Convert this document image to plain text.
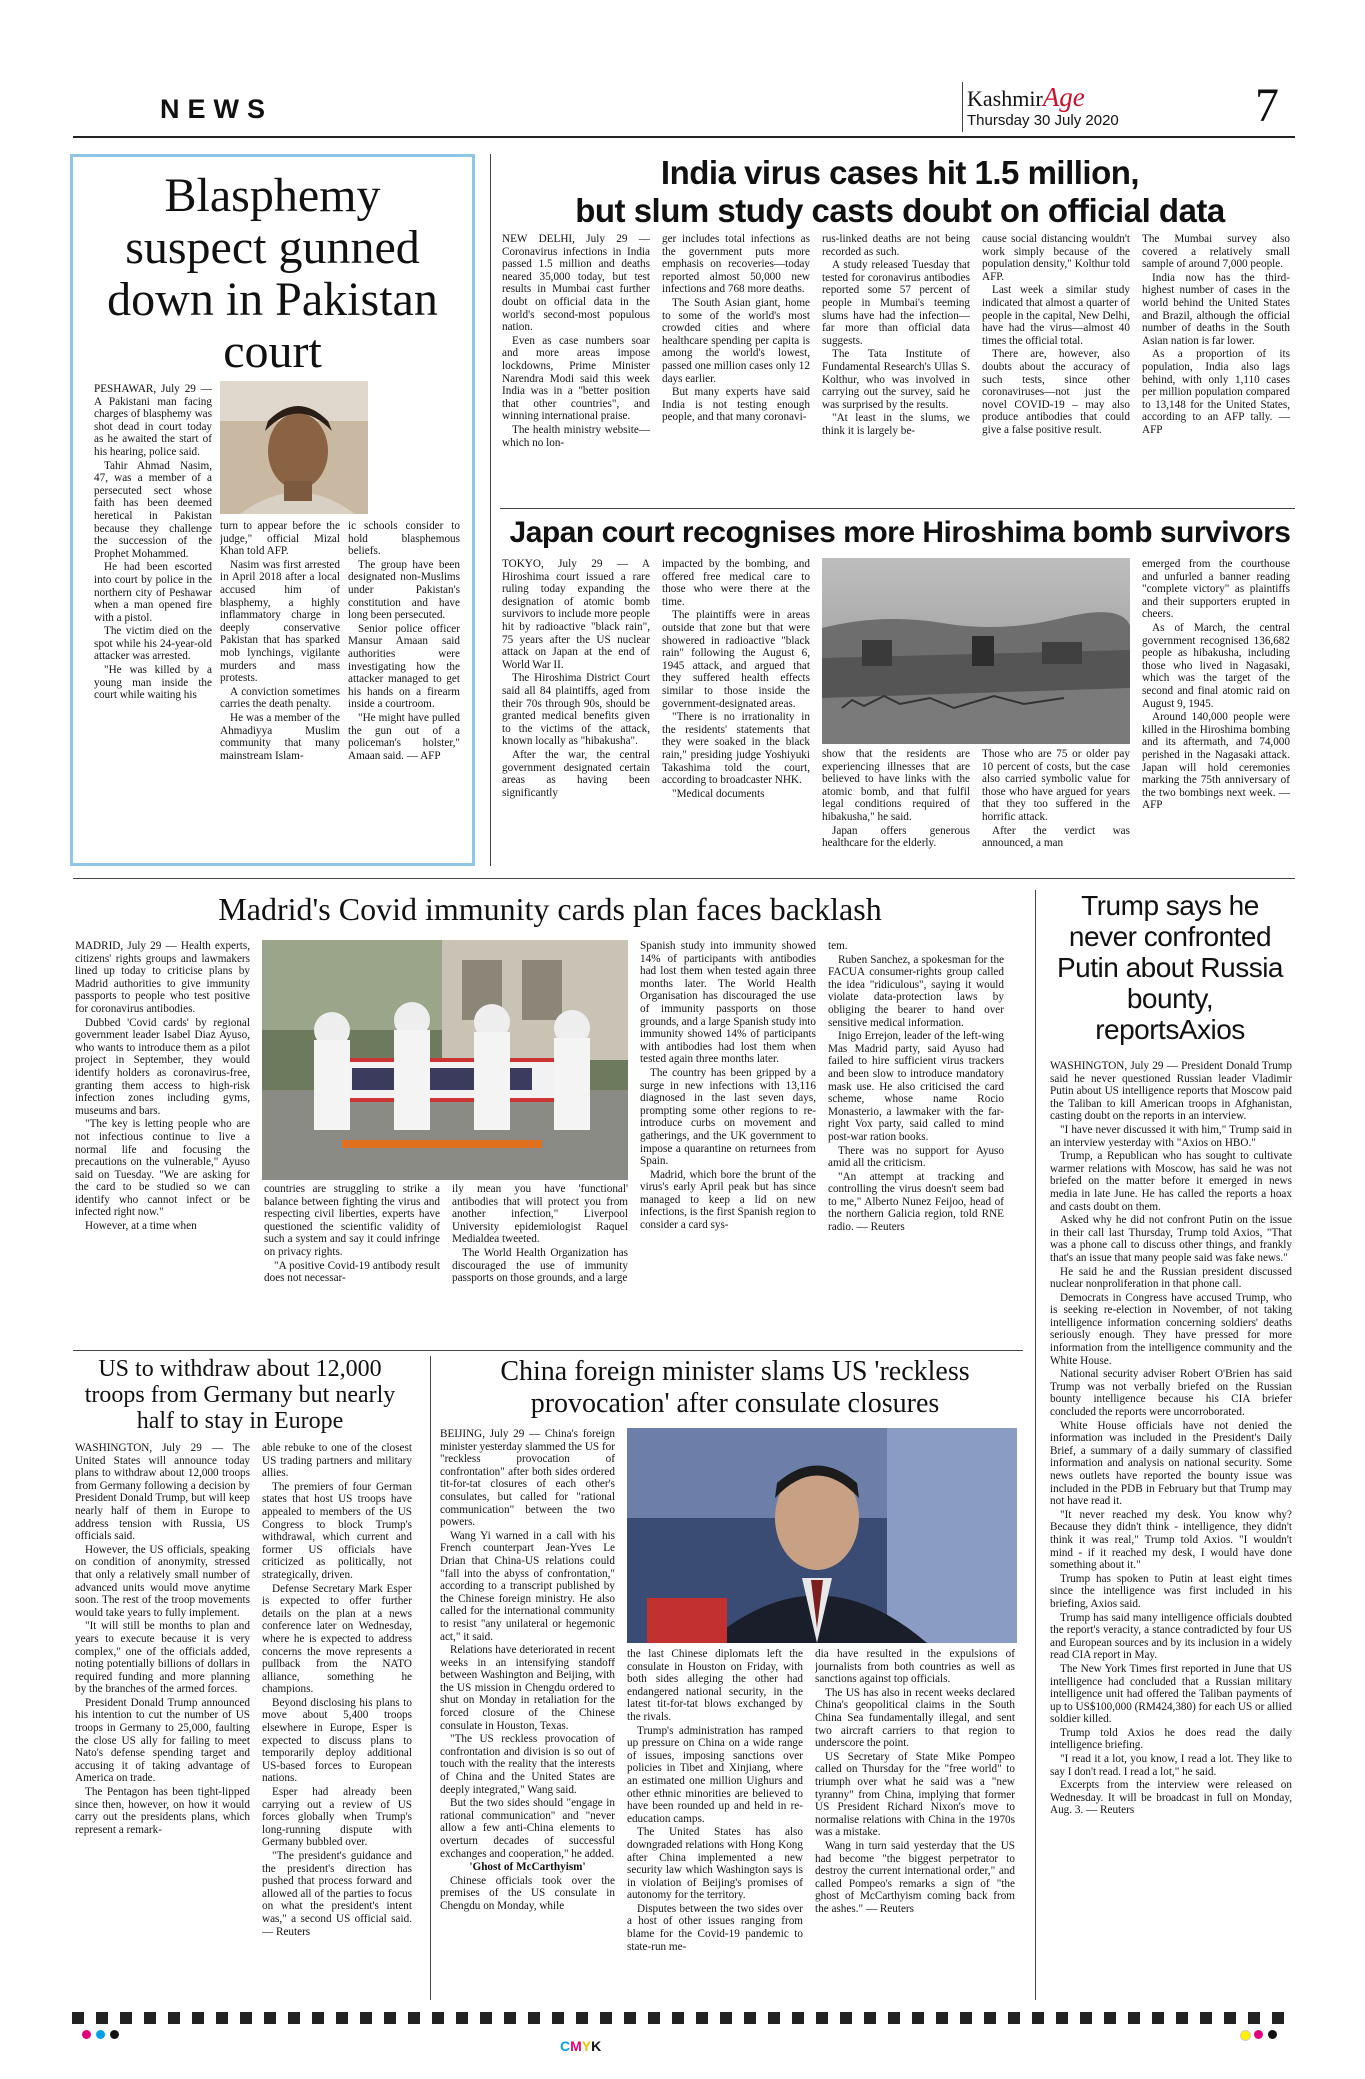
NEWS	KashmirAge
Thursday 30 July 2020	7
Blasphemy suspect gunned down in Pakistan court

PESHAWAR, July 29 — A Pakistani man facing charges of blasphemy was shot dead in court today as he awaited the start of his hearing, police said.

Tahir Ahmad Nasim, 47, was a member of a persecuted sect whose faith has been deemed heretical in Pakistan because they challenge the succession of the Prophet Mohammed.

He had been escorted into court by police in the northern city of Peshawar when a man opened fire with a pistol.

The victim died on the spot while his 24-year-old attacker was arrested.

"He was killed by a young man inside the court while waiting his

turn to appear before the judge," official Mizal Khan told AFP.

Nasim was first arrested in April 2018 after a local accused him of blasphemy, a highly inflammatory charge in deeply conservative Pakistan that has sparked mob lynchings, vigilante murders and mass protests.

A conviction sometimes carries the death penalty.

He was a member of the Ahmadiyya Muslim community that many mainstream Islam-

ic schools consider to hold blasphemous beliefs.

The group have been designated non-Muslims under Pakistan's constitution and have long been persecuted.

Senior police officer Mansur Amaan said authorities were investigating how the attacker managed to get his hands on a firearm inside a courtroom.

"He might have pulled the gun out of a policeman's holster," Amaan said. — AFP

India virus cases hit 1.5 million,
but slum study casts doubt on official data

NEW DELHI, July 29 — Coronavirus infections in India passed 1.5 million and deaths neared 35,000 today, but test results in Mumbai cast further doubt on official data in the world's second-most populous nation.

Even as case numbers soar and more areas impose lockdowns, Prime Minister Narendra Modi said this week India was in a "better position that other countries", and winning international praise.

The health ministry website—which no lon-

ger includes total infections as the government puts more emphasis on recoveries—today reported almost 50,000 new infections and 768 more deaths.

The South Asian giant, home to some of the world's most crowded cities and where healthcare spending per capita is among the world's lowest, passed one million cases only 12 days earlier.

But many experts have said India is not testing enough people, and that many coronavi-

rus-linked deaths are not being recorded as such.

A study released Tuesday that tested for coronavirus antibodies reported some 57 percent of people in Mumbai's teeming slums have had the infection—far more than official data suggests.

The Tata Institute of Fundamental Research's Ullas S. Kolthur, who was involved in carrying out the survey, said he was surprised by the results.

"At least in the slums, we think it is largely be-

cause social distancing wouldn't work simply because of the population density," Kolthur told AFP.

Last week a similar study indicated that almost a quarter of people in the capital, New Delhi, have had the virus—almost 40 times the official total.

There are, however, also doubts about the accuracy of such tests, since other coronaviruses—not just the novel COVID-19 – may also produce antibodies that could give a false positive result.

The Mumbai survey also covered a relatively small sample of around 7,000 people.

India now has the third-highest number of cases in the world behind the United States and Brazil, although the official number of deaths in the South Asian nation is far lower.

As a proportion of its population, India also lags behind, with only 1,110 cases per million population compared to 13,148 for the United States, according to an AFP tally. — AFP

Japan court recognises more Hiroshima bomb survivors

TOKYO, July 29 — A Hiroshima court issued a rare ruling today expanding the designation of atomic bomb survivors to include more people hit by radioactive "black rain", 75 years after the US nuclear attack on Japan at the end of World War II.

The Hiroshima District Court said all 84 plaintiffs, aged from their 70s through 90s, should be granted medical benefits given to the victims of the attack, known locally as "hibakusha".

After the war, the central government designated certain areas as having been significantly

impacted by the bombing, and offered free medical care to those who were there at the time.

The plaintiffs were in areas outside that zone but that were showered in radioactive "black rain" following the August 6, 1945 attack, and argued that they suffered health effects similar to those inside the government-designated areas.

"There is no irrationality in the residents' statements that they were soaked in the black rain," presiding judge Yoshiyuki Takashima told the court, according to broadcaster NHK.

"Medical documents

show that the residents are experiencing illnesses that are believed to have links with the atomic bomb, and that fulfil legal conditions required of hibakusha," he said.

Japan offers generous healthcare for the elderly.

Those who are 75 or older pay 10 percent of costs, but the case also carried symbolic value for those who have argued for years that they too suffered in the horrific attack.

After the verdict was announced, a man

emerged from the courthouse and unfurled a banner reading "complete victory" as plaintiffs and their supporters erupted in cheers.

As of March, the central government recognised 136,682 people as hibakusha, including those who lived in Nagasaki, which was the target of the second and final atomic raid on August 9, 1945.

Around 140,000 people were killed in the Hiroshima bombing and its aftermath, and 74,000 perished in the Nagasaki attack. Japan will hold ceremonies marking the 75th anniversary of the two bombings next week. — AFP

Madrid's Covid immunity cards plan faces backlash

MADRID, July 29 — Health experts, citizens' rights groups and lawmakers lined up today to criticise plans by Madrid authorities to give immunity passports to people who test positive for coronavirus antibodies.

Dubbed 'Covid cards' by regional government leader Isabel Diaz Ayuso, who wants to introduce them as a pilot project in September, they would identify holders as coronavirus-free, granting them access to high-risk infection zones including gyms, museums and bars.

"The key is letting people who are not infectious continue to live a normal life and focusing the precautions on the vulnerable," Ayuso said on Tuesday. "We are asking for the card to be studied so we can identify who cannot infect or be infected right now."

However, at a time when

countries are struggling to strike a balance between fighting the virus and respecting civil liberties, experts have questioned the scientific validity of such a system and say it could infringe on privacy rights.

"A positive Covid-19 antibody result does not necessar-

ily mean you have 'functional' antibodies that will protect you from another infection," Liverpool University epidemiologist Raquel Medialdea tweeted.

The World Health Organization has discouraged the use of immunity passports on those grounds, and a large

Spanish study into immunity showed 14% of participants with antibodies had lost them when tested again three months later. The World Health Organisation has discouraged the use of immunity passports on those grounds, and a large Spanish study into immunity showed 14% of participants with antibodies had lost them when tested again three months later.

The country has been gripped by a surge in new infections with 13,116 diagnosed in the last seven days, prompting some other regions to re-introduce curbs on movement and gatherings, and the UK government to impose a quarantine on returnees from Spain.

Madrid, which bore the brunt of the virus's early April peak but has since managed to keep a lid on new infections, is the first Spanish region to consider a card sys-

tem.

Ruben Sanchez, a spokesman for the FACUA consumer-rights group called the idea "ridiculous", saying it would violate data-protection laws by obliging the bearer to hand over sensitive medical information.

Inigo Errejon, leader of the left-wing Mas Madrid party, said Ayuso had failed to hire sufficient virus trackers and been slow to introduce mandatory mask use. He also criticised the card scheme, whose name Rocio Monasterio, a lawmaker with the far-right Vox party, said called to mind post-war ration books.

There was no support for Ayuso amid all the criticism.

"An attempt at tracking and controlling the virus doesn't seem bad to me," Alberto Nunez Feijoo, head of the northern Galicia region, told RNE radio. — Reuters

Trump says he never confronted Putin about Russia bounty, reportsAxios

WASHINGTON, July 29 — President Donald Trump said he never questioned Russian leader Vladimir Putin about US intelligence reports that Moscow paid the Taliban to kill American troops in Afghanistan, casting doubt on the reports in an interview.

"I have never discussed it with him," Trump said in an interview yesterday with "Axios on HBO."

Trump, a Republican who has sought to cultivate warmer relations with Moscow, has said he was not briefed on the matter before it emerged in news media in late June. He has called the reports a hoax and casts doubt on them.

Asked why he did not confront Putin on the issue in their call last Thursday, Trump told Axios, "That was a phone call to discuss other things, and frankly that's an issue that many people said was fake news."

He said he and the Russian president discussed nuclear nonproliferation in that phone call.

Democrats in Congress have accused Trump, who is seeking re-election in November, of not taking intelligence information concerning soldiers' deaths seriously enough. They have pressed for more information from the intelligence community and the White House.

National security adviser Robert O'Brien has said Trump was not verbally briefed on the Russian bounty intelligence because his CIA briefer concluded the reports were uncorroborated.

White House officials have not denied the information was included in the President's Daily Brief, a summary of a daily summary of classified information and analysis on national security. Some news outlets have reported the bounty issue was included in the PDB in February but that Trump may not have read it.

"It never reached my desk. You know why? Because they didn't think - intelligence, they didn't think it was real," Trump told Axios. "I wouldn't mind - if it reached my desk, I would have done something about it."

Trump has spoken to Putin at least eight times since the intelligence was first included in his briefing, Axios said.

Trump has said many intelligence officials doubted the report's veracity, a stance contradicted by four US and European sources and by its inclusion in a widely read CIA report in May.

The New York Times first reported in June that US intelligence had concluded that a Russian military intelligence unit had offered the Taliban payments of up to US$100,000 (RM424,380) for each US or allied soldier killed.

Trump told Axios he does read the daily intelligence briefing.

"I read it a lot, you know, I read a lot. They like to say I don't read. I read a lot," he said.

Excerpts from the interview were released on Wednesday. It will be broadcast in full on Monday, Aug. 3. — Reuters

US to withdraw about 12,000 troops from Germany but nearly half to stay in Europe

WASHINGTON, July 29 — The United States will announce today plans to withdraw about 12,000 troops from Germany following a decision by President Donald Trump, but will keep nearly half of them in Europe to address tension with Russia, US officials said.

However, the US officials, speaking on condition of anonymity, stressed that only a relatively small number of advanced units would move anytime soon. The rest of the troop movements would take years to fully implement.

"It will still be months to plan and years to execute because it is very complex," one of the officials added, noting potentially billions of dollars in required funding and more planning by the branches of the armed forces.

President Donald Trump announced his intention to cut the number of US troops in Germany to 25,000, faulting the close US ally for failing to meet Nato's defense spending target and accusing it of taking advantage of America on trade.

The Pentagon has been tight-lipped since then, however, on how it would carry out the presidents plans, which represent a remark-

able rebuke to one of the closest US trading partners and military allies.

The premiers of four German states that host US troops have appealed to members of the US Congress to block Trump's withdrawal, which current and former US officials have criticized as politically, not strategically, driven.

Defense Secretary Mark Esper is expected to offer further details on the plan at a news conference later on Wednesday, where he is expected to address concerns the move represents a pullback from the NATO alliance, something he champions.

Beyond disclosing his plans to move about 5,400 troops elsewhere in Europe, Esper is expected to discuss plans to temporarily deploy additional US-based forces to European nations.

Esper had already been carrying out a review of US forces globally when Trump's long-running dispute with Germany bubbled over.

"The president's guidance and the president's direction has pushed that process forward and allowed all of the parties to focus on what the president's intent was," a second US official said. — Reuters

China foreign minister slams US 'reckless
provocation' after consulate closures

BEIJING, July 29 — China's foreign minister yesterday slammed the US for "reckless provocation of confrontation" after both sides ordered tit-for-tat closures of each other's consulates, but called for "rational communication" between the two powers.

Wang Yi warned in a call with his French counterpart Jean-Yves Le Drian that China-US relations could "fall into the abyss of confrontation," according to a transcript published by the Chinese foreign ministry. He also called for the international community to resist "any unilateral or hegemonic act," it said.

Relations have deteriorated in recent weeks in an intensifying standoff between Washington and Beijing, with the US mission in Chengdu ordered to shut on Monday in retaliation for the forced closure of the Chinese consulate in Houston, Texas.

"The US reckless provocation of confrontation and division is so out of touch with the reality that the interests of China and the United States are deeply integrated," Wang said.

But the two sides should "engage in rational communication" and "never allow a few anti-China elements to overturn decades of successful exchanges and cooperation," he added.

'Ghost of McCarthyism'

Chinese officials took over the premises of the US consulate in Chengdu on Monday, while

the last Chinese diplomats left the consulate in Houston on Friday, with both sides alleging the other had endangered national security, in the latest tit-for-tat blows exchanged by the rivals.

Trump's administration has ramped up pressure on China on a wide range of issues, imposing sanctions over policies in Tibet and Xinjiang, where an estimated one million Uighurs and other ethnic minorities are believed to have been rounded up and held in re-education camps.

The United States has also downgraded relations with Hong Kong after China implemented a new security law which Washington says is in violation of Beijing's promises of autonomy for the territory.

Disputes between the two sides over a host of other issues ranging from blame for the Covid-19 pandemic to state-run me-

dia have resulted in the expulsions of journalists from both countries as well as sanctions against top officials.

The US has also in recent weeks declared China's geopolitical claims in the South China Sea fundamentally illegal, and sent two aircraft carriers to that region to underscore the point.

US Secretary of State Mike Pompeo called on Thursday for the "free world" to triumph over what he said was a "new tyranny" from China, implying that former US President Richard Nixon's move to normalise relations with China in the 1970s was a mistake.

Wang in turn said yesterday that the US had become "the biggest perpetrator to destroy the current international order," and called Pompeo's remarks a sign of "the ghost of McCarthyism coming back from the ashes." — Reuters

CMYK
